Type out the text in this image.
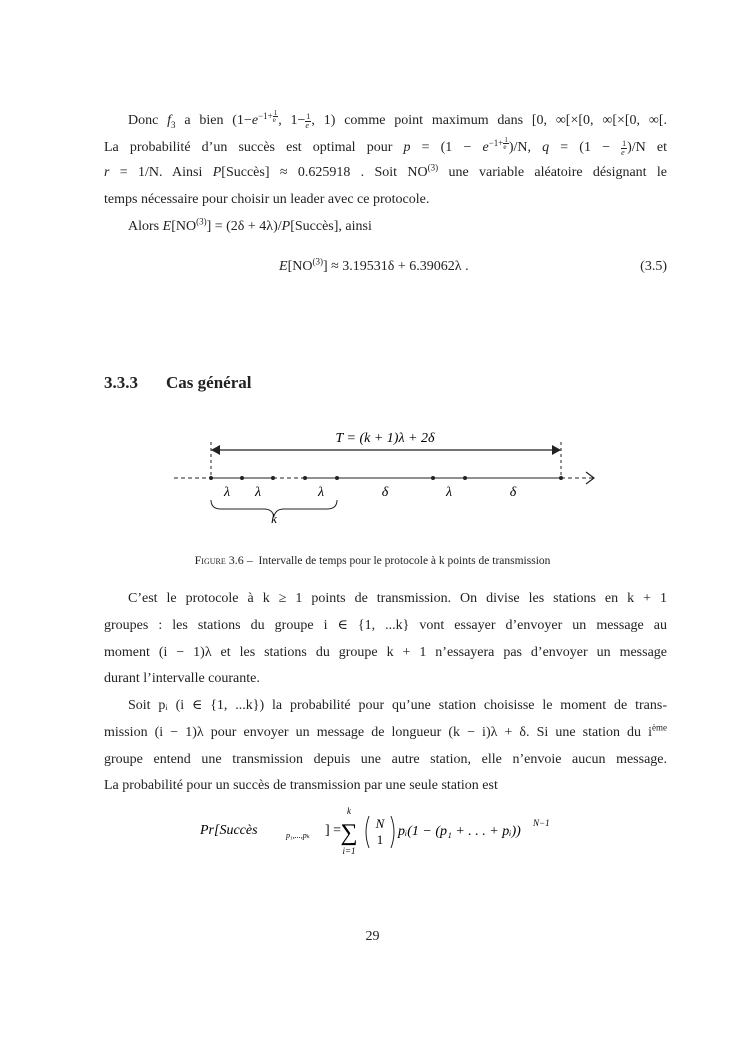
Donc $f_3$ a bien ($1-e^{-1+ \frac{1}{e}}$ , $1- \frac{1}{e}$ , 1) comme point maximum dans [0, ∞[×[0, ∞[×[0, ∞[.
La probabilité d’un succès est optimal pour $p = (1 - e^{-1+ \frac{1}{e}}$ )/N, $q = (1 - \frac{1}{e} )/N$ et
r = 1/N. Ainsi P[Succès] ≈ 0.625918 . Soit NO$^{(3)}$ une variable aléatoire désignant le
temps nécessaire pour choisir un leader avec ce protocole.
Alors $E[NO^{(3)}] = (2\delta$ + 4λ)/P[Succès], ainsi
$E[NO^{(3)}] \approx 3.19531\delta + 6.39062\lambda$ .	(3.5)
3.3.3 Cas général
T = (k + 1)λ + 2δ
λ λ	λ	δ	λ	δ
k
Figure 3.6 – Intervalle de temps pour le protocole à k points de transmission
C’est le protocole à k ≥ 1 points de transmission. On divise les stations en k + 1
groupes : les stations du groupe i ∈ {1, ...k} vont essayer d’envoyer un message au
moment (i − 1)λ et les stations du groupe k + 1 n’essayera pas d’envoyer un message
durant l’intervalle courante.
Soit pᵢ (i ∈ {1, ...k}) la probabilité pour qu’une station choisisse le moment de trans-
mission (i − 1)λ pour envoyer un message de longueur (k − i)λ + δ. Si une station du $i^{ème}$
groupe entend une transmission depuis une autre station, elle n’envoie aucun message.
La probabilité pour un succès de transmission par une seule station est
Pr[Succès	p₁,...,pₖ ] =
k
∑
i=1
N
1
pᵢ(1 − (p₁ + . . . + pᵢ))
N−1
29
